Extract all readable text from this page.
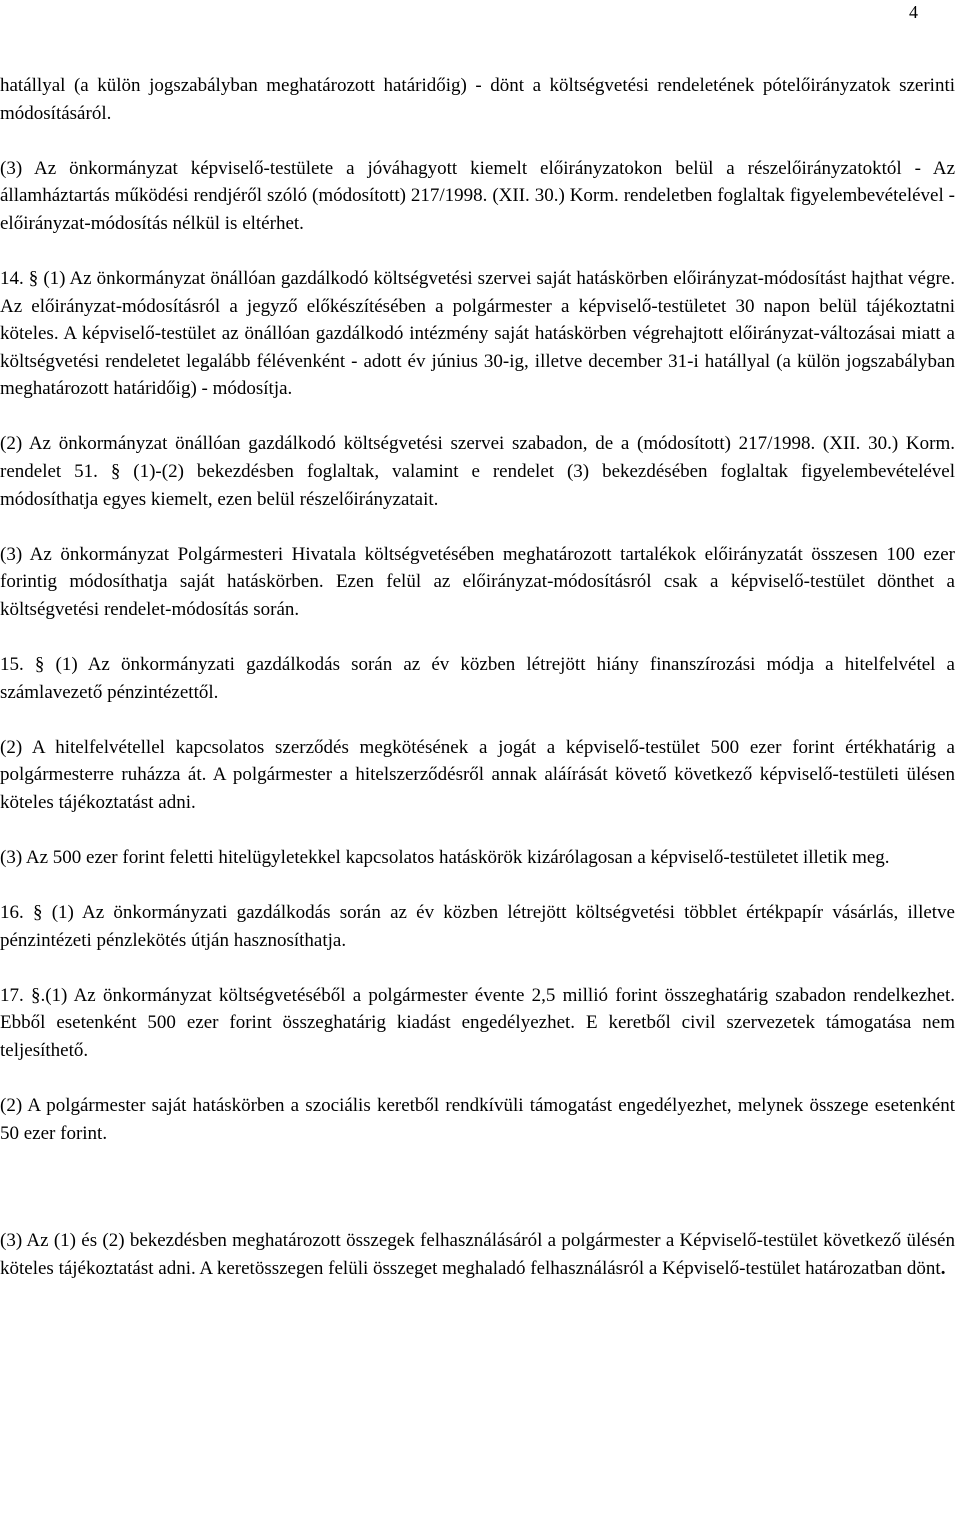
4

hatállyal (a külön jogszabályban meghatározott határidőig) - dönt a költségvetési rendeletének pótelőirányzatok szerinti módosításáról.

(3) Az önkormányzat képviselő-testülete a jóváhagyott kiemelt előirányzatokon belül a részelőirányzatoktól - Az államháztartás működési rendjéről szóló (módosított) 217/1998. (XII. 30.) Korm. rendeletben foglaltak figyelembevételével - előirányzat-módosítás nélkül is eltérhet.

14. § (1) Az önkormányzat önállóan gazdálkodó költségvetési szervei saját hatáskörben előirányzat-módosítást hajthat végre. Az előirányzat-módosításról a jegyző előkészítésében a polgármester a képviselő-testületet 30 napon belül tájékoztatni köteles. A képviselő-testület az önállóan gazdálkodó intézmény saját hatáskörben végrehajtott előirányzat-változásai miatt a költségvetési rendeletet legalább félévenként - adott év június 30-ig, illetve december 31-i hatállyal (a külön jogszabályban meghatározott határidőig) - módosítja.

(2) Az önkormányzat önállóan gazdálkodó költségvetési szervei szabadon, de a (módosított) 217/1998. (XII. 30.) Korm. rendelet 51. § (1)-(2) bekezdésben foglaltak, valamint e rendelet (3) bekezdésében foglaltak figyelembevételével módosíthatja egyes kiemelt, ezen belül részelőirányzatait.

(3) Az önkormányzat Polgármesteri Hivatala költségvetésében meghatározott tartalékok előirányzatát összesen 100 ezer forintig módosíthatja saját hatáskörben. Ezen felül az előirányzat-módosításról csak a képviselő-testület dönthet a költségvetési rendelet-módosítás során.

15. § (1) Az önkormányzati gazdálkodás során az év közben létrejött hiány finanszírozási módja a hitelfelvétel a számlavezető pénzintézettől.

(2) A hitelfelvétellel kapcsolatos szerződés megkötésének a jogát a képviselő-testület 500 ezer forint értékhatárig a polgármesterre ruházza át. A polgármester a hitelszerződésről annak aláírását követő következő képviselő-testületi ülésen köteles tájékoztatást adni.

(3) Az 500 ezer forint feletti hitelügyletekkel kapcsolatos hatáskörök kizárólagosan a képviselő-testületet illetik meg.

16. § (1) Az önkormányzati gazdálkodás során az év közben létrejött költségvetési többlet értékpapír vásárlás, illetve pénzintézeti pénzlekötés útján hasznosíthatja.

17. §.(1) Az önkormányzat költségvetéséből a polgármester évente 2,5 millió forint összeghatárig szabadon rendelkezhet. Ebből esetenként 500 ezer forint összeghatárig kiadást engedélyezhet. E keretből civil szervezetek támogatása nem teljesíthető.

(2) A polgármester saját hatáskörben a szociális keretből rendkívüli támogatást engedélyezhet, melynek összege esetenként 50 ezer forint.

(3) Az (1) és (2) bekezdésben meghatározott összegek felhasználásáról a polgármester a Képviselő-testület következő ülésén köteles tájékoztatást adni. A keretösszegen felüli összeget meghaladó felhasználásról a Képviselő-testület határozatban dönt.
